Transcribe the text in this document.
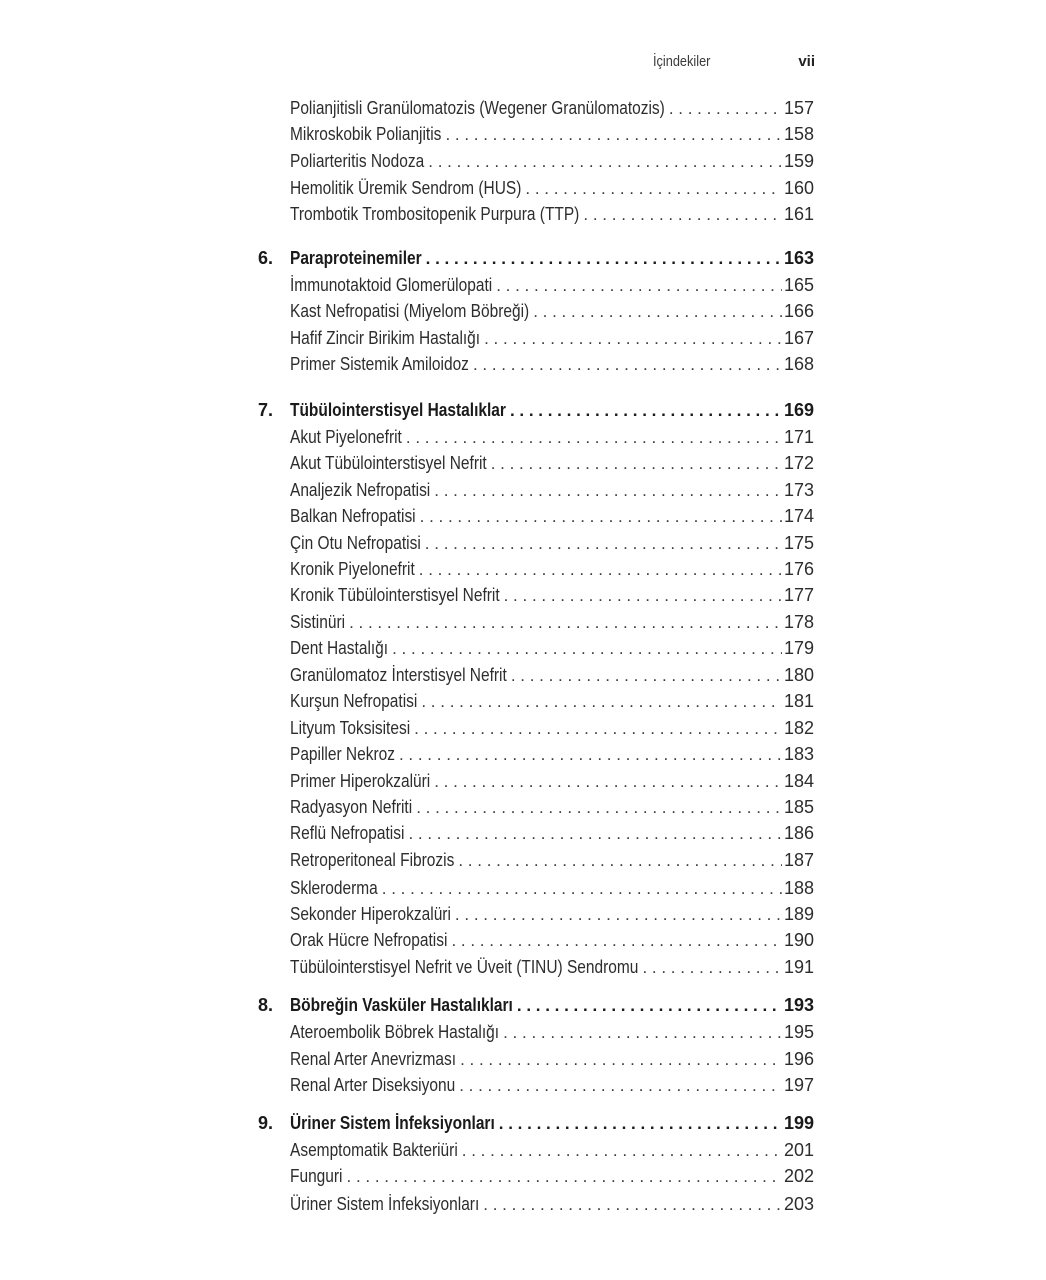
İçindekiler	vii
Polianjitisli Granülomatozis (Wegener Granülomatozis) . . .	157
Mikroskobik Polianjitis . . .	158
Poliarteritis Nodoza . . .	159
Hemolitik Üremik Sendrom (HUS) . . .	160
Trombotik Trombositopenik Purpura (TTP) . . .	161
6. Paraproteinemiler . . .	163
İmmunotaktoid Glomerülopati . . .	165
Kast Nefropatisi (Miyelom Böbreği) . . .	166
Hafif Zincir Birikim Hastalığı . . .	167
Primer Sistemik Amiloidoz . . .	168
7. Tübülointerstisyel Hastalıklar . . .	169
Akut Piyelonefrit . . .	171
Akut Tübülointerstisyel Nefrit . . .	172
Analjezik Nefropatisi . . .	173
Balkan Nefropatisi . . .	174
Çin Otu Nefropatisi . . .	175
Kronik Piyelonefrit . . .	176
Kronik Tübülointerstisyel Nefrit . . .	177
Sistinüri . . .	178
Dent Hastalığı . . .	179
Granülomatoz İnterstisyel Nefrit . . .	180
Kurşun Nefropatisi . . .	181
Lityum Toksisitesi . . .	182
Papiller Nekroz . . .	183
Primer Hiperokzalüri . . .	184
Radyasyon Nefriti . . .	185
Reflü Nefropatisi . . .	186
Retroperitoneal Fibrozis . . .	187
Skleroderma . . .	188
Sekonder Hiperokzalüri . . .	189
Orak Hücre Nefropatisi . . .	190
Tübülointerstisyel Nefrit ve Üveit (TINU) Sendromu . . .	191
8. Böbreğin Vasküler Hastalıkları . . .	193
Ateroembolik Böbrek Hastalığı . . .	195
Renal Arter Anevrizması . . .	196
Renal Arter Diseksiyonu . . .	197
9. Üriner Sistem İnfeksiyonları . . .	199
Asemptomatik Bakteriüri . . .	201
Funguri . . .	202
Üriner Sistem İnfeksiyonları . . .	203
